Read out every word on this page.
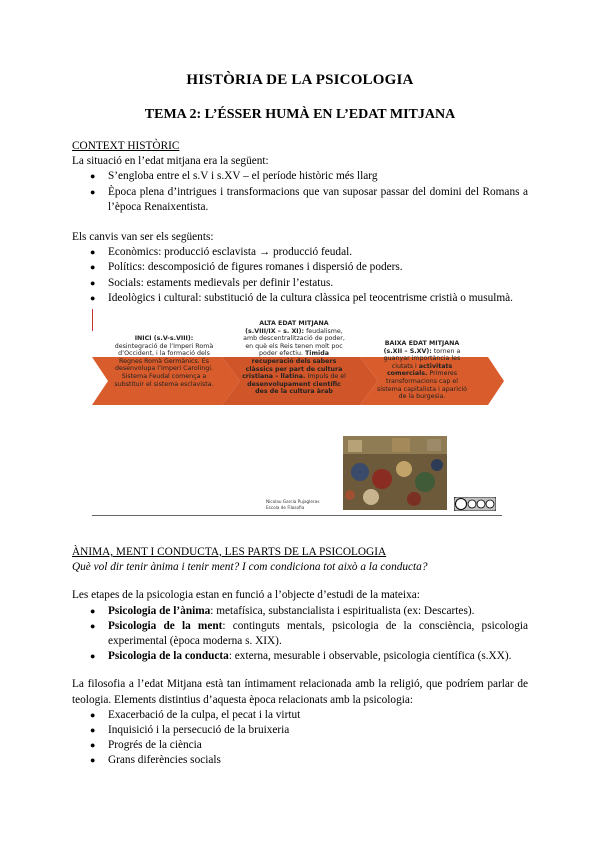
HISTÒRIA DE LA PSICOLOGIA
TEMA 2: L’ÉSSER HUMÀ EN L’EDAT MITJANA

CONTEXT HISTÒRIC

La situació en l’edat mitjana era la següent:

● S’engloba entre el s.V i s.XV – el període històric més llarg
● Època plena d’intrigues i transformacions que van suposar passar del domini del Romans a l’època Renaixentista.

Els canvis van ser els següents:

● Econòmics: producció esclavista → producció feudal.
● Polítics: descomposició de figures romanes i dispersió de poders.
● Socials: estaments medievals per definir l’estatus.
● Ideològics i cultural: substitució de la cultura clàssica pel teocentrisme cristià o musulmà.
INICI (s.V-s.VIII):
desintegració de l’Imperi Romà d’Occident, i la formació dels Regnes Romà Germànics. Es desenvolupa l’Imperi Carolingi. Sistema Feudal comença a substituir el sistema esclavista.
ALTA EDAT MITJANA
(s.VIII/IX – s. XI): feudalisme, amb descentralització de poder, en què els Reis tenen molt poc poder efectiu. Timida recuperació dels sabers clàssics per part de cultura cristiana – llatina. Impuls de el desenvolupament científic des de la cultura àrab
BAIXA EDAT MITJANA (s.XII – S.XV): tornen a guanyar importància les ciutats i activitats comercials. Primeres transformacions cap el sistema capitalista i aparició de la burgesia.
Nicolau Garcia Pujagleras
Escola de Filosofia

ÀNIMA, MENT I CONDUCTA, LES PARTS DE LA PSICOLOGIA

Què vol dir tenir ànima i tenir ment? I com condiciona tot això a la conducta?

Les etapes de la psicologia estan en funció a l’objecte d’estudi de la mateixa:

● Psicologia de l’ànima: metafísica, substancialista i espiritualista (ex: Descartes).
● Psicologia de la ment: continguts mentals, psicologia de la consciència, psicologia experimental (època moderna s. XIX).
● Psicologia de la conducta: externa, mesurable i observable, psicologia científica (s.XX).

La filosofia a l’edat Mitjana està tan íntimament relacionada amb la religió, que podríem parlar de teologia. Elements distintius d’aquesta època relacionats amb la psicologia:

● Exacerbació de la culpa, el pecat i la virtut
● Inquisició i la persecució de la bruixeria
● Progrés de la ciència
● Grans diferències socials
